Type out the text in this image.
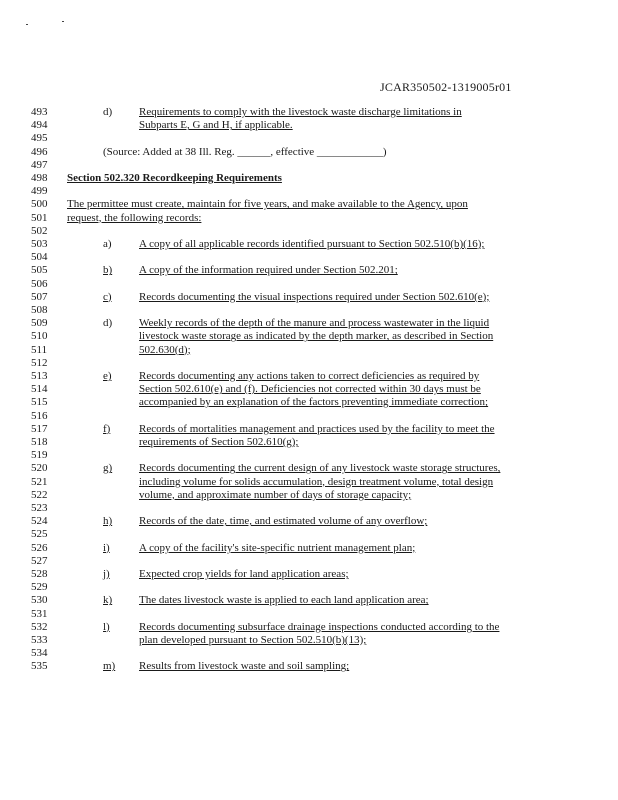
JCAR350502-1319005r01
493	d) Requirements to comply with the livestock waste discharge limitations in
494	Subparts E, G and H, if applicable.
495
496	(Source: Added at 38 Ill. Reg. ______, effective ____________)
497
498	Section 502.320 Recordkeeping Requirements
499
500	The permittee must create, maintain for five years, and make available to the Agency, upon
501	request, the following records:
502
503	a) A copy of all applicable records identified pursuant to Section 502.510(b)(16);
504
505	b) A copy of the information required under Section 502.201;
506
507	c) Records documenting the visual inspections required under Section 502.610(e);
508
509	d) Weekly records of the depth of the manure and process wastewater in the liquid
510	livestock waste storage as indicated by the depth marker, as described in Section
511	502.630(d);
512
513	e) Records documenting any actions taken to correct deficiencies as required by
514	Section 502.610(e) and (f). Deficiencies not corrected within 30 days must be
515	accompanied by an explanation of the factors preventing immediate correction;
516
517	f)	Records of mortalities management and practices used by the facility to meet the
518	requirements of Section 502.610(g);
519
520	g) Records documenting the current design of any livestock waste storage structures,
521	including volume for solids accumulation, design treatment volume, total design
522	volume, and approximate number of days of storage capacity;
523
524	h) Records of the date, time, and estimated volume of any overflow;
525
526	i)	A copy of the facility's site-specific nutrient management plan;
527
528	j)	Expected crop yields for land application areas;
529
530	k) The dates livestock waste is applied to each land application area;
531
532	l)	Records documenting subsurface drainage inspections conducted according to the
533	plan developed pursuant to Section 502.510(b)(13);
534
535	m) Results from livestock waste and soil sampling;
